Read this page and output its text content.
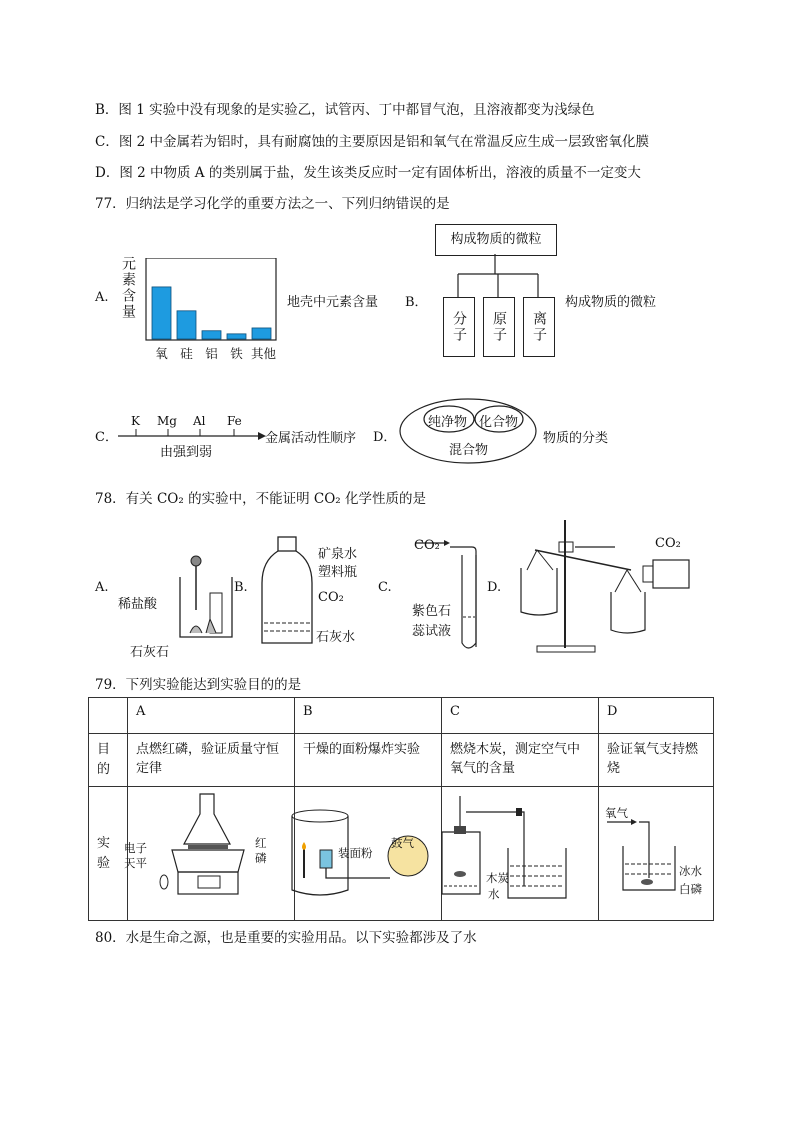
B．图 1 实验中没有现象的是实验乙，试管丙、丁中都冒气泡，且溶液都变为浅绿色
C．图 2 中金属若为铝时，具有耐腐蚀的主要原因是铝和氧气在常温反应生成一层致密氧化膜
D．图 2 中物质 A 的类别属于盐，发生该类反应时一定有固体析出，溶液的质量不一定变大
77．归纳法是学习化学的重要方法之一、下列归纳错误的是
A. 元素含量
氧 硅 铝 铁 其他
地壳中元素含量 B．
构成物质的微粒
分子	原子	离子
构成物质的微粒
C．
K Mg Al Fe
由强到弱
金属活动性顺序 D．
纯净物 化合物
混合物
物质的分类
78．有关 CO₂ 的实验中，不能证明 CO₂ 化学性质的是
A.
稀盐酸
石灰石
B.
矿泉水塑料瓶
CO₂
石灰水
C.
CO₂
紫色石蕊试液
D.
CO₂
79．下列实验能达到实验目的的是
	A	B	C	D
目的	点燃红磷，验证质量守恒定律	干燥的面粉爆炸实验	燃烧木炭，测定空气中氧气的含量	验证氧气支持燃烧
实验				
电子天平
红磷	装面粉
鼓气
木炭
水
氧气
冰水
白磷
80．水是生命之源，也是重要的实验用品。以下实验都涉及了水
